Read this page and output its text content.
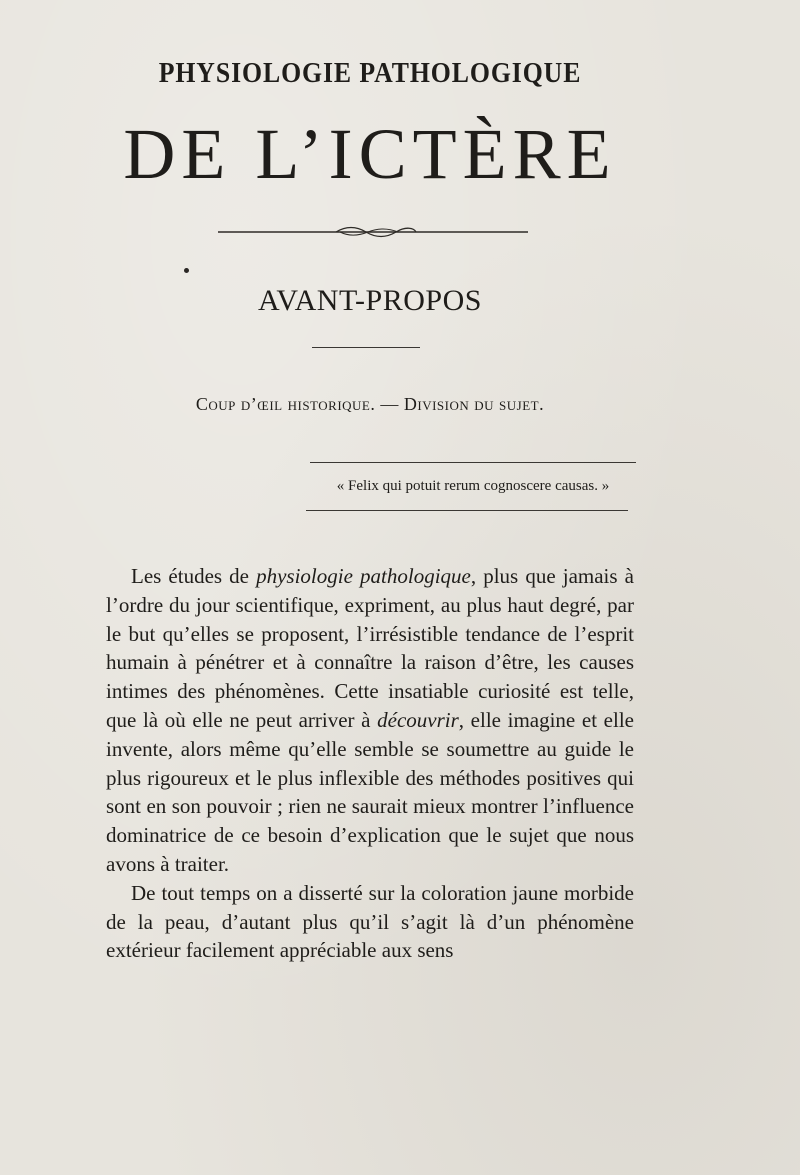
PHYSIOLOGIE PATHOLOGIQUE
DE L’ICTÈRE
AVANT-PROPOS
Coup d’œil historique. — Division du sujet.
« Felix qui potuit rerum cognoscere causas. »

Les études de physiologie pathologique, plus que jamais à l’ordre du jour scientifique, expriment, au plus haut degré, par le but qu’elles se proposent, l’irrésistible tendance de l’esprit humain à pénétrer et à connaître la raison d’être, les causes intimes des phénomènes. Cette insatiable curiosité est telle, que là où elle ne peut arriver à découvrir, elle imagine et elle invente, alors même qu’elle semble se soumettre au guide le plus rigoureux et le plus inflexible des méthodes positives qui sont en son pouvoir ; rien ne saurait mieux montrer l’influence dominatrice de ce besoin d’explication que le sujet que nous avons à traiter.

De tout temps on a disserté sur la coloration jaune morbide de la peau, d’autant plus qu’il s’agit là d’un phénomène extérieur facilement appréciable aux sens
